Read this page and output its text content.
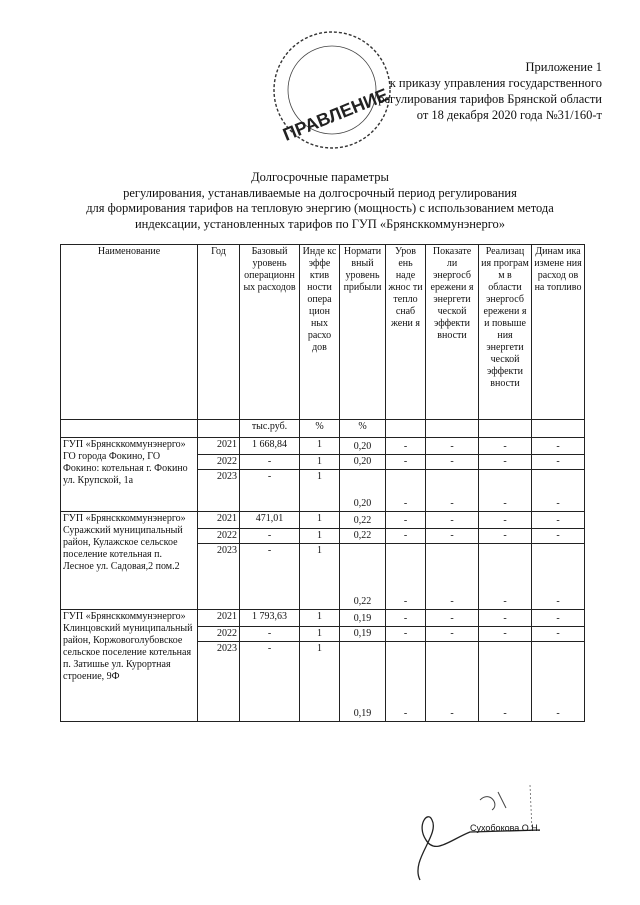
ПРАВЛЕНИЕ
Приложение 1
к приказу управления государственного
регулирования тарифов Брянской области
от 18 декабря 2020 года №31/160-т
Долгосрочные параметры
регулирования, устанавливаемые на долгосрочный период регулирования
для формирования тарифов на тепловую энергию (мощность) с использованием метода
индексации, установленных тарифов по ГУП «Брянсккоммунэнерго»
Наименование	Год	Базовый уровень операционн ых расходов	Инде кс эффе ктив ности опера цион ных расхо дов	Нормати вный уровень прибыли	Уров ень наде жнос ти тепло снаб жени я	Показате ли энергосб ережени я энергети ческой эффекти вности	Реализац ия програм м в области энергосб ережени я и повыше ния энергети ческой эффекти вности	Динам ика измене ния расход ов на топливо
		тыс.руб.	%	%				
ГУП «Брянсккоммунэнерго» ГО города Фокино, ГО Фокино: котельная г. Фокино ул. Крупской, 1а	2021	1 668,84	1	0,20	-	-	-	-
	2022	-	1	0,20	-	-	-	-
	2023	-	1	0,20	-	-	-	-
ГУП «Брянсккоммунэнерго» Суражский муниципальный район, Кулажское сельское поселение котельная п. Лесное ул. Садовая,2 пом.2	2021	471,01	1	0,22	-	-	-	-
	2022	-	1	0,22	-	-	-	-
	2023	-	1	0,22	-	-	-	-
ГУП «Брянсккоммунэнерго» Клинцовский муниципальный район, Коржовоголубовское сельское поселение котельная п. Затишье ул. Курортная строение, 9Ф	2021	1 793,63	1	0,19	-	-	-	-
	2022	-	1	0,19	-	-	-	-
	2023	-	1	0,19	-	-	-	-
Сухобокова О.Н.
